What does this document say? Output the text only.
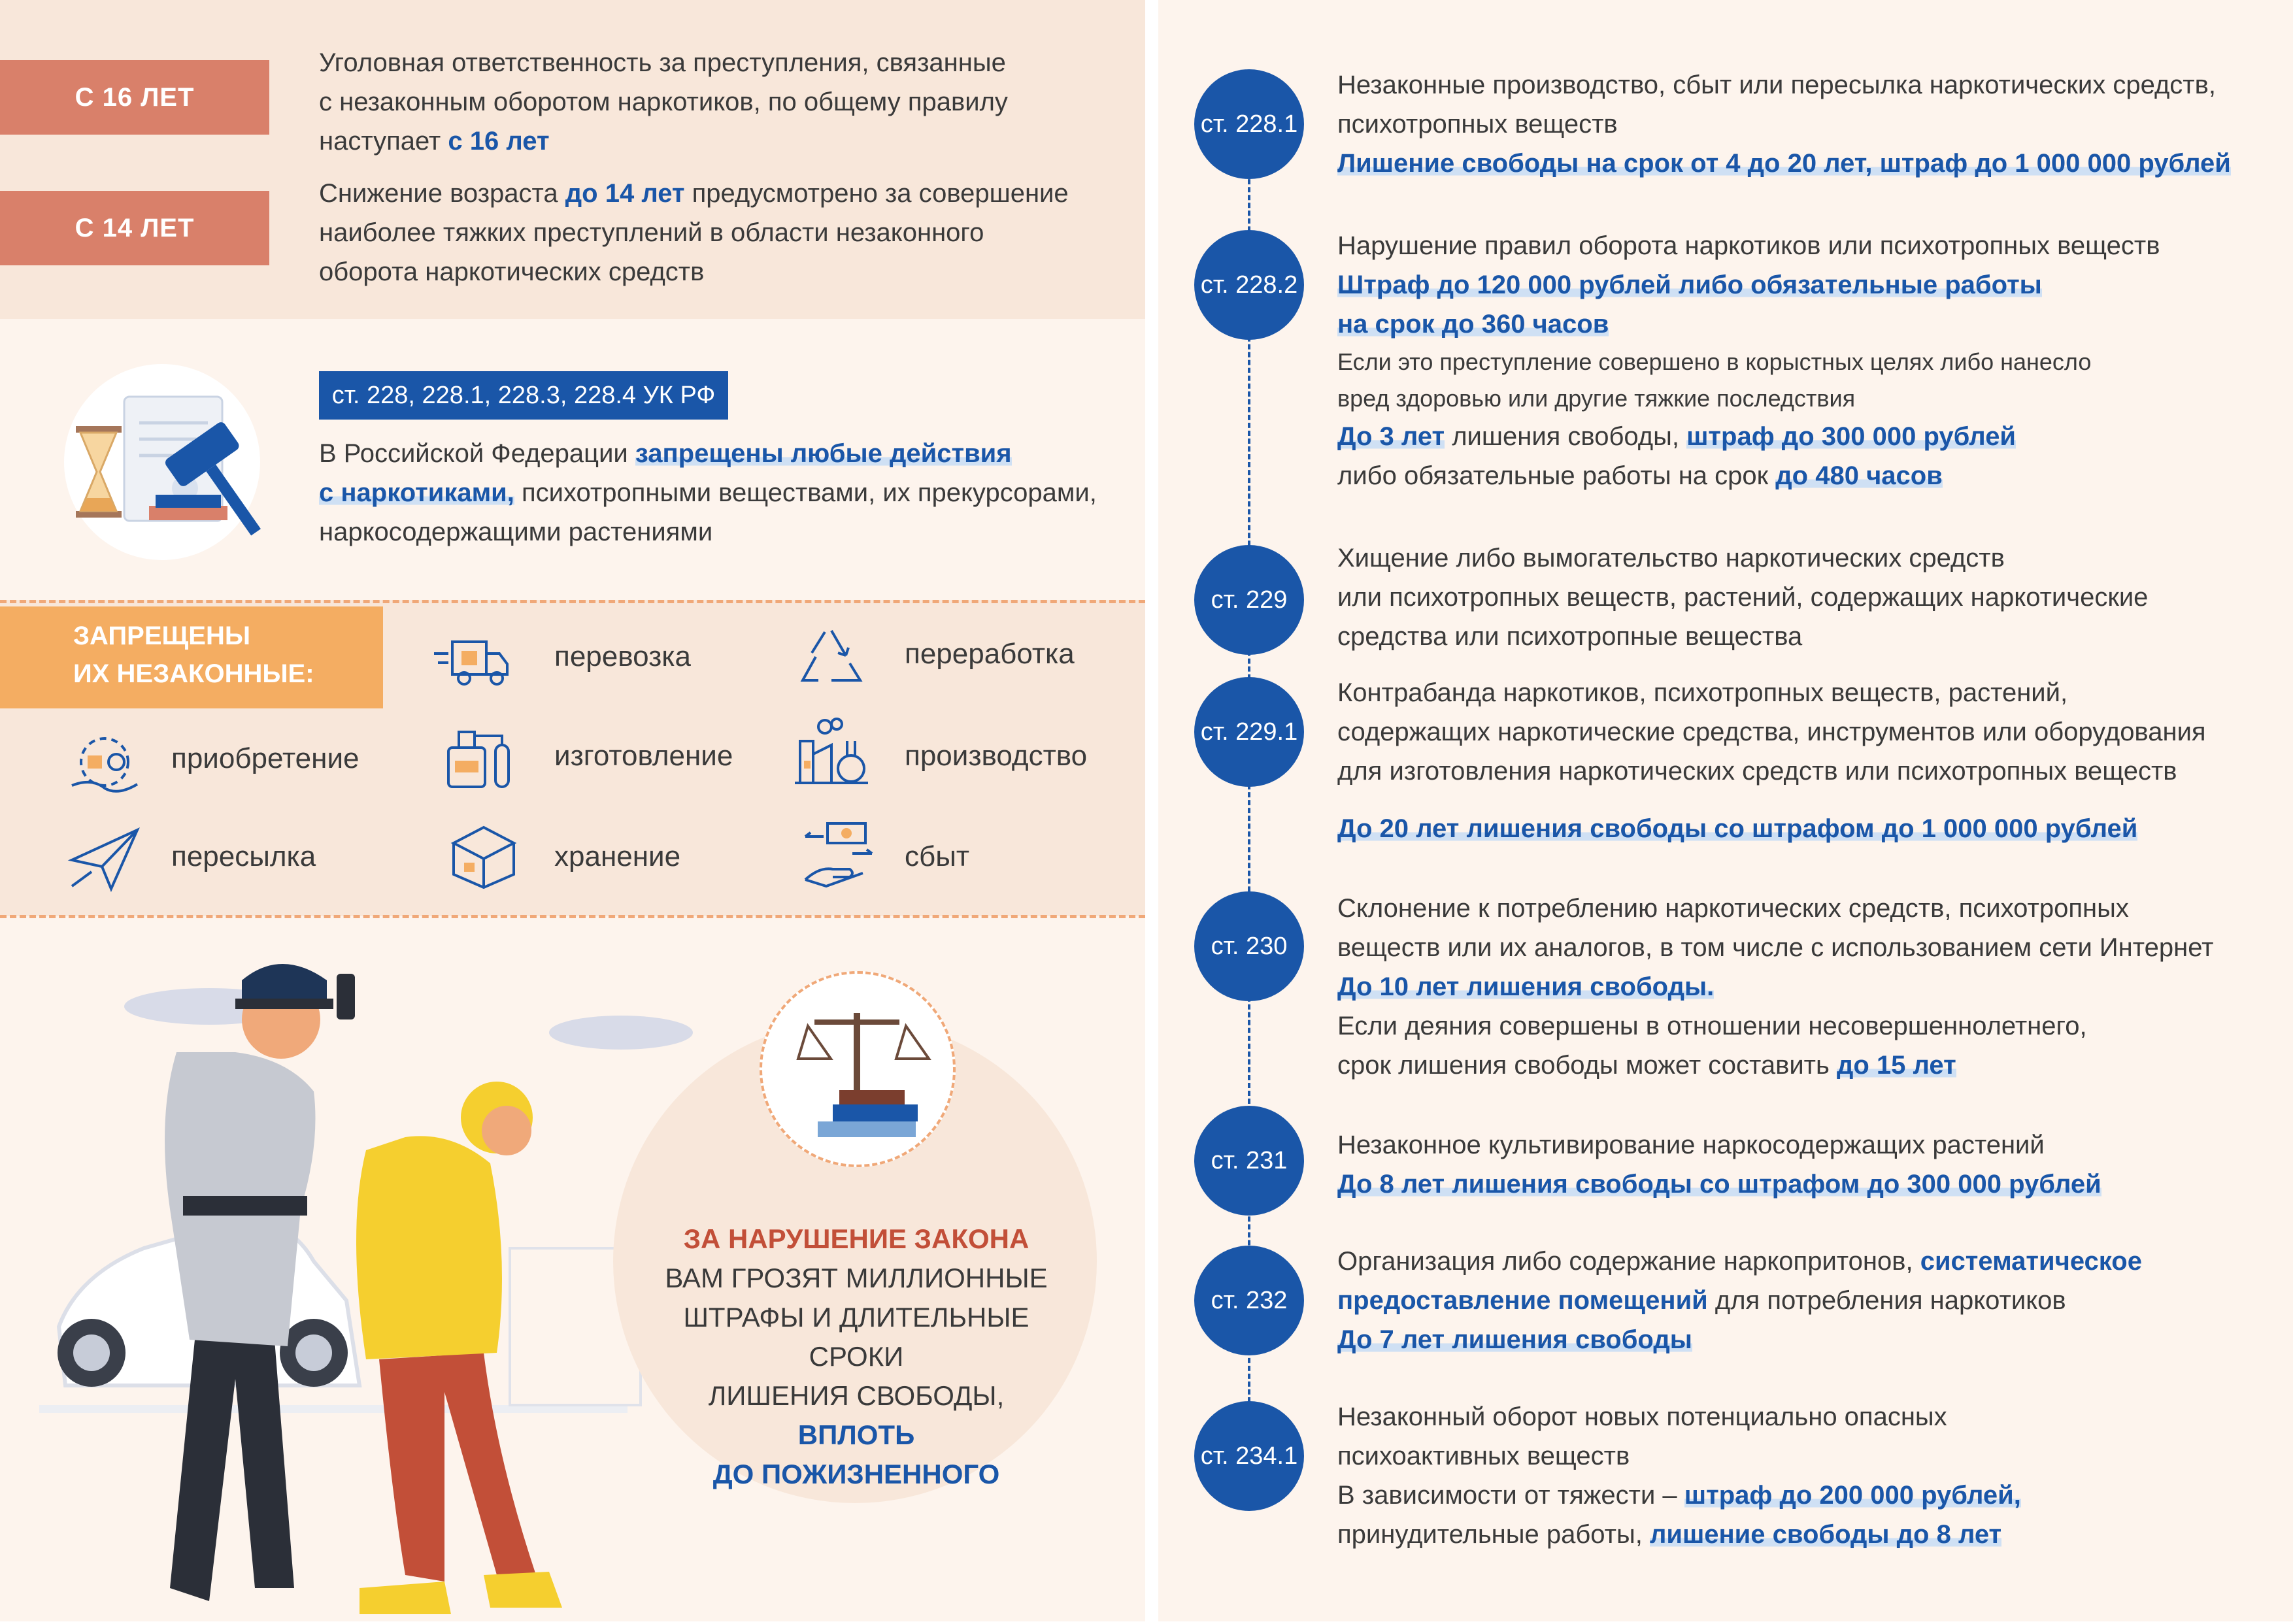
С 16 ЛЕТ
Уголовная ответственность за преступления, связанные
с незаконным оборотом наркотиков, по общему правилу
наступает с 16 лет
С 14 ЛЕТ
Снижение возраста до 14 лет предусмотрено за совершение
наиболее тяжких преступлений в области незаконного
оборота наркотических средств
ст. 228, 228.1, 228.3, 228.4 УК РФ
В Российской Федерации запрещены любые действия
с наркотиками, психотропными веществами, их прекурсорами,
наркосодержащими растениями
ЗАПРЕЩЕНЫ
ИХ НЕЗАКОННЫЕ:
перевозка	переработка
приобретение	изготовление	производство
пересылка	хранение	сбыт
ЗА НАРУШЕНИЕ ЗАКОНА
ВАМ ГРОЗЯТ МИЛЛИОННЫЕ
ШТРАФЫ И ДЛИТЕЛЬНЫЕ СРОКИ
ЛИШЕНИЯ СВОБОДЫ,
ВПЛОТЬ
ДО ПОЖИЗНЕННОГО
ст. 228.1
Незаконные производство, сбыт или пересылка наркотических средств,
психотропных веществ
Лишение свободы на срок от 4 до 20 лет, штраф до 1 000 000 рублей
ст. 228.2
Нарушение правил оборота наркотиков или психотропных веществ
Штраф до 120 000 рублей либо обязательные работы
на срок до 360 часов
Если это преступление совершено в корыстных целях либо нанесло
вред здоровью или другие тяжкие последствия
До 3 лет лишения свободы, штраф до 300 000 рублей
либо обязательные работы на срок до 480 часов
ст. 229
Хищение либо вымогательство наркотических средств
или психотропных веществ, растений, содержащих наркотические
средства или психотропные вещества
ст. 229.1
Контрабанда наркотиков, психотропных веществ, растений,
содержащих наркотические средства, инструментов или оборудования
для изготовления наркотических средств или психотропных веществ
До 20 лет лишения свободы со штрафом до 1 000 000 рублей
ст. 230
Склонение к потреблению наркотических средств, психотропных
веществ или их аналогов, в том числе с использованием сети Интернет
До 10 лет лишения свободы.
Если деяния совершены в отношении несовершеннолетнего,
срок лишения свободы может составить до 15 лет
ст. 231
Незаконное культивирование наркосодержащих растений
До 8 лет лишения свободы со штрафом до 300 000 рублей
ст. 232
Организация либо содержание наркопритонов, систематическое
предоставление помещений для потребления наркотиков
До 7 лет лишения свободы
ст. 234.1
Незаконный оборот новых потенциально опасных
психоактивных веществ
В зависимости от тяжести – штраф до 200 000 рублей,
принудительные работы, лишение свободы до 8 лет
